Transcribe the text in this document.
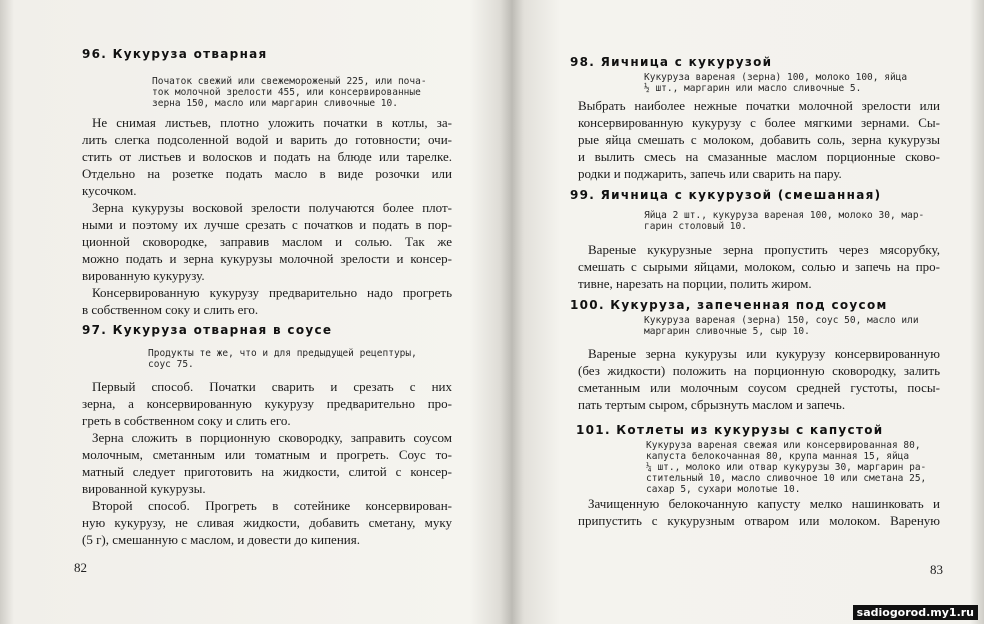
96. Кукуруза отварная
Початок свежий или свежемороженый 225, или поча-
ток молочной зрелости 455, или консервированные
зерна 150, масло или маргарин сливочные 10.
Не снимая листьев, плотно уложить початки в котлы, за-
лить слегка подсоленной водой и варить до готовности; очи-
стить от листьев и волосков и подать на блюде или тарелке.
Отдельно на розетке подать масло в виде розочки или
кусочком.
Зерна кукурузы восковой зрелости получаются более плот-
ными и поэтому их лучше срезать с початков и подать в пор-
ционной сковородке, заправив маслом и солью. Так же
можно подать и зерна кукурузы молочной зрелости и консер-
вированную кукурузу.
Консервированную кукурузу предварительно надо прогреть
в собственном соку и слить его.
97. Кукуруза отварная в соусе
Продукты те же, что и для предыдущей рецептуры,
соус 75.
Первый способ. Початки сварить и срезать с них
зерна, а консервированную кукурузу предварительно про-
греть в собственном соку и слить его.
Зерна сложить в порционную сковородку, заправить соусом
молочным, сметанным или томатным и прогреть. Соус то-
матный следует приготовить на жидкости, слитой с консер-
вированной кукурузы.
Второй способ. Прогреть в сотейнике консервирован-
ную кукурузу, не сливая жидкости, добавить сметану, муку
(5 г), смешанную с маслом, и довести до кипения.
82
98. Яичница с кукурузой
Кукуруза вареная (зерна) 100, молоко 100, яйца
½ шт., маргарин или масло сливочные 5.
Выбрать наиболее нежные початки молочной зрелости или
консервированную кукурузу с более мягкими зернами. Сы-
рые яйца смешать с молоком, добавить соль, зерна кукурузы
и вылить смесь на смазанные маслом порционные сково-
родки и поджарить, запечь или сварить на пару.
99. Яичница с кукурузой (смешанная)
Яйца 2 шт., кукуруза вареная 100, молоко 30, мар-
гарин столовый 10.
Вареные кукурузные зерна пропустить через мясорубку,
смешать с сырыми яйцами, молоком, солью и запечь на про-
тивне, нарезать на порции, полить жиром.
100. Кукуруза, запеченная под соусом
Кукуруза вареная (зерна) 150, соус 50, масло или
маргарин сливочные 5, сыр 10.
Вареные зерна кукурузы или кукурузу консервированную
(без жидкости) положить на порционную сковородку, залить
сметанным или молочным соусом средней густоты, посы-
пать тертым сыром, сбрызнуть маслом и запечь.
101. Котлеты из кукурузы с капустой
Кукуруза вареная свежая или консервированная 80,
капуста белокочанная 80, крупа манная 15, яйца
¼ шт., молоко или отвар кукурузы 30, маргарин ра-
стительный 10, масло сливочное 10 или сметана 25,
сахар 5, сухари молотые 10.
Зачищенную белокочанную капусту мелко нашинковать и
припустить с кукурузным отваром или молоком. Вареную
83
sadiogorod.my1.ru
